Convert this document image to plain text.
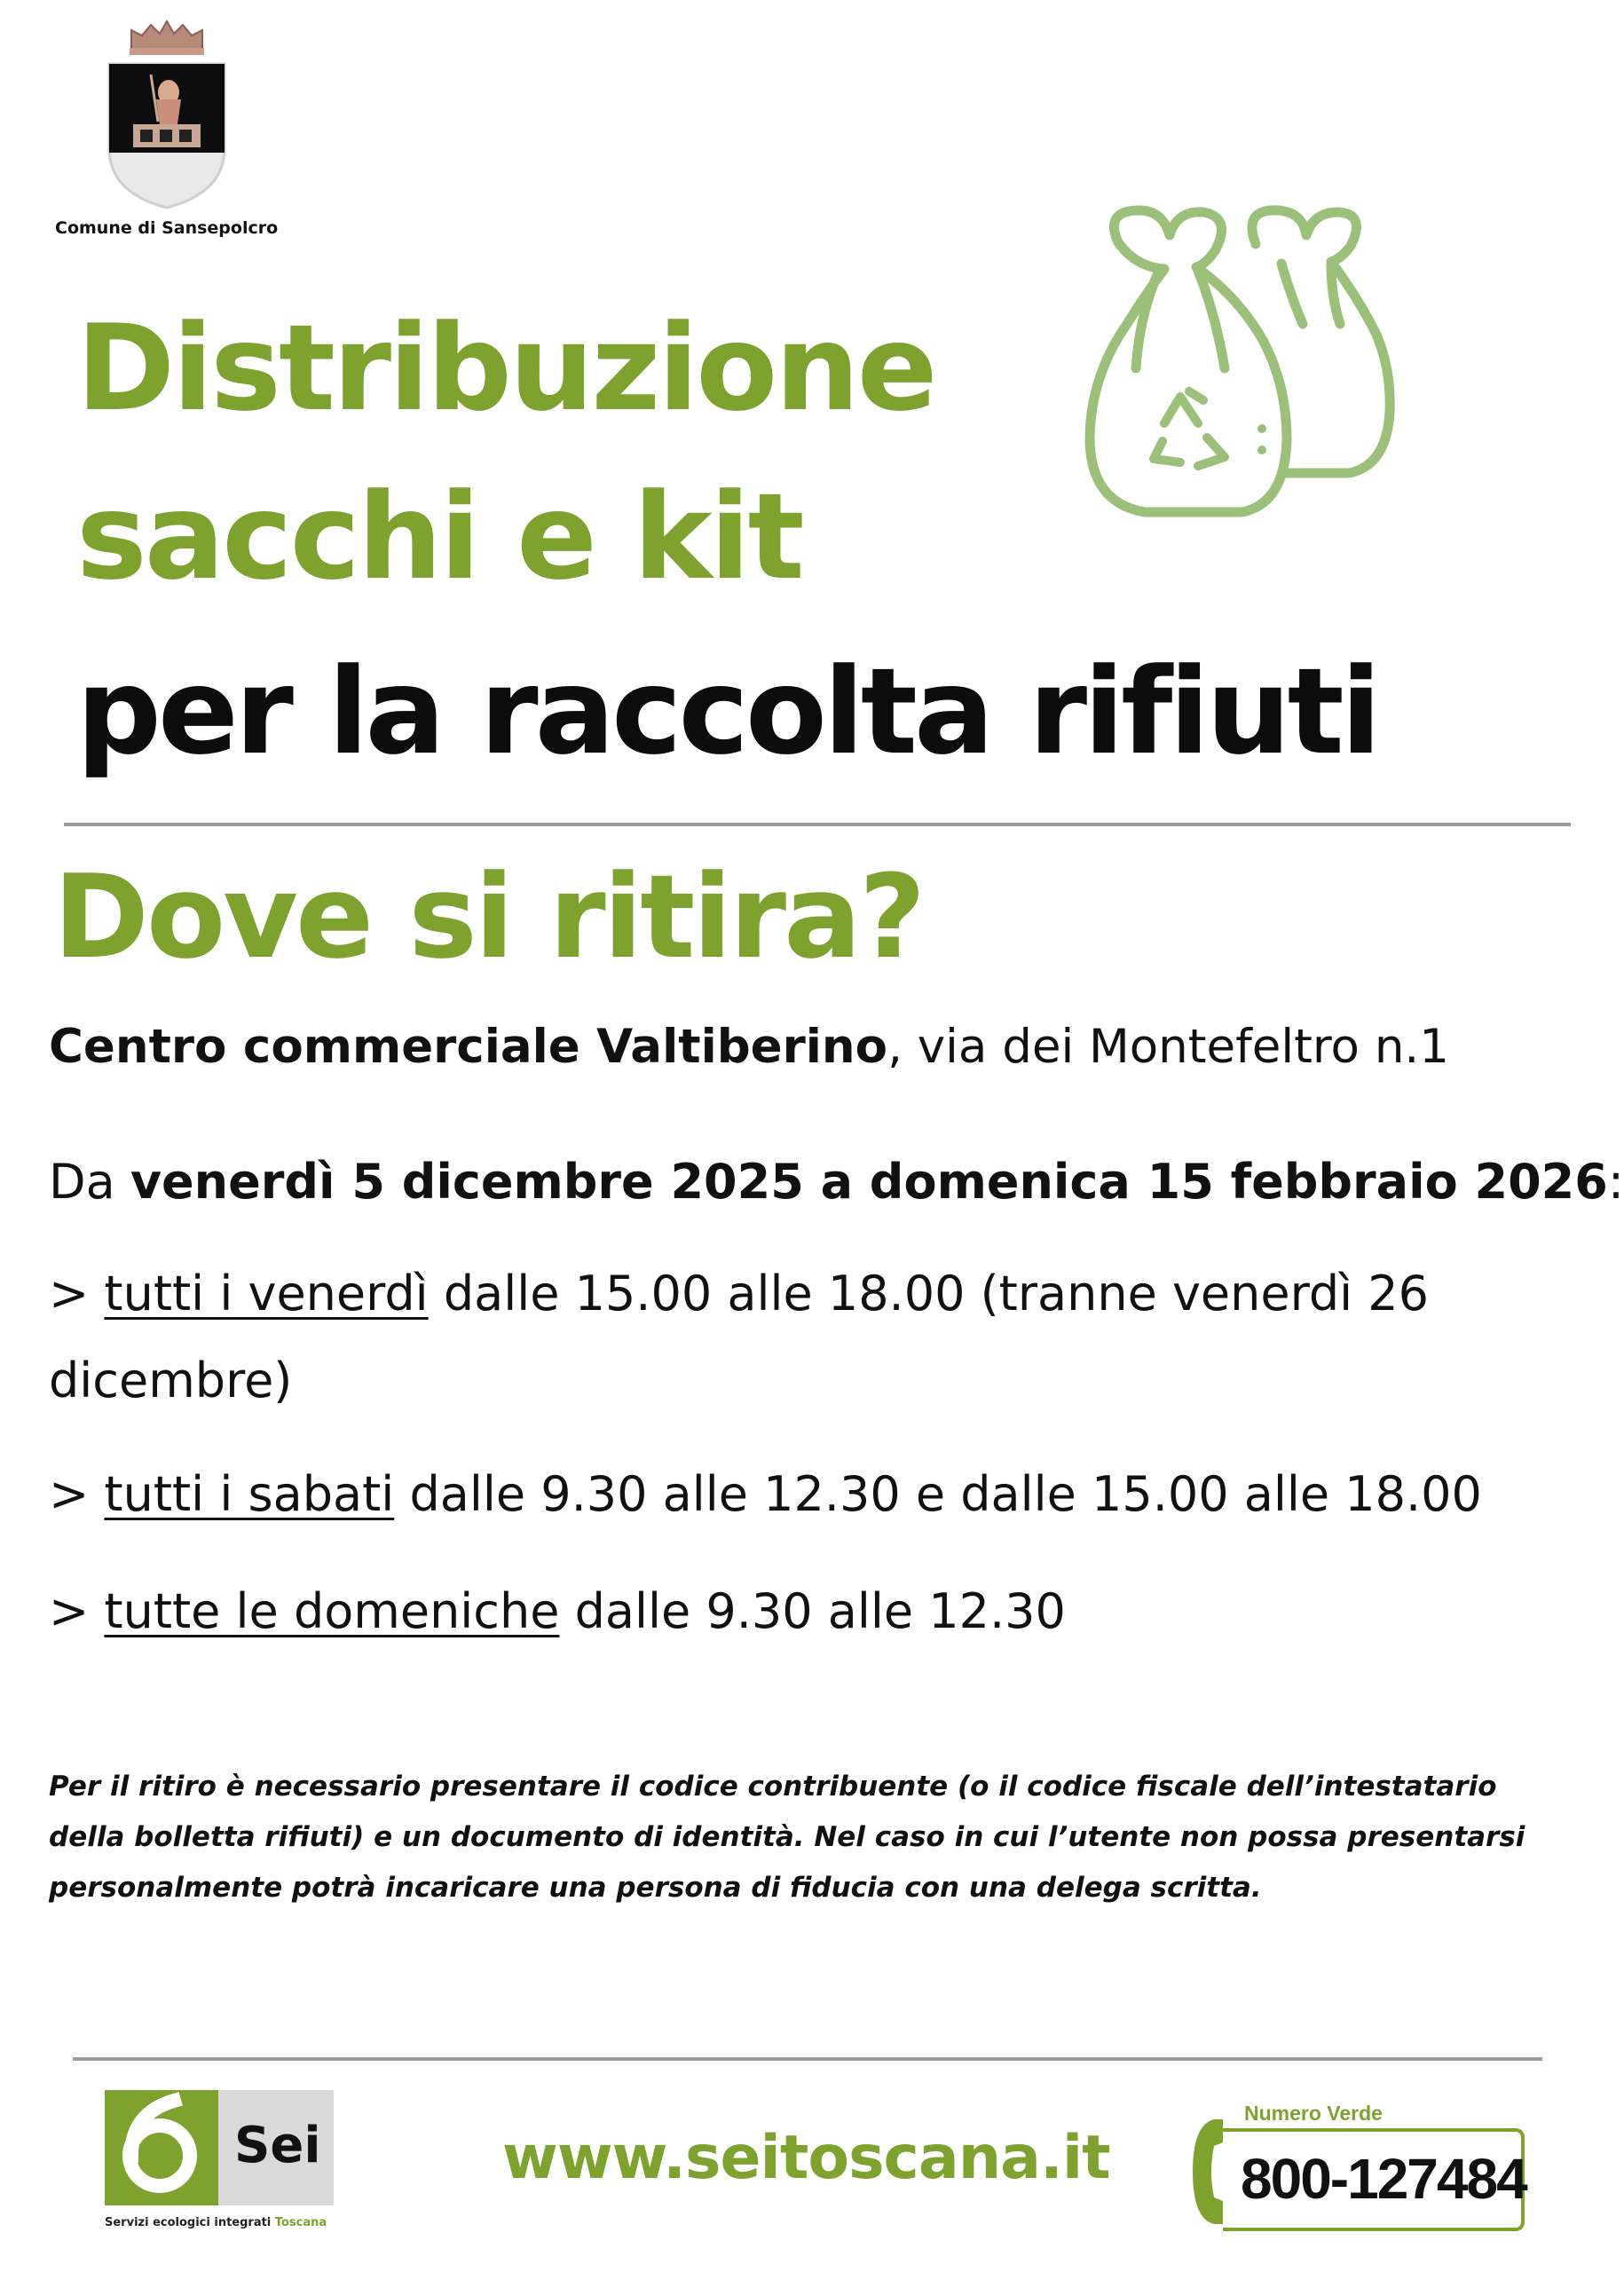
Comune di Sansepolcro
Distribuzione
sacchi e kit
per la raccolta rifiuti
Dove si ritira?
Centro commerciale Valtiberino, via dei Montefeltro n.1
Da venerdì 5 dicembre 2025 a domenica 15 febbraio 2026:
> tutti i venerdì dalle 15.00 alle 18.00 (tranne venerdì 26
dicembre)
> tutti i sabati dalle 9.30 alle 12.30 e dalle 15.00 alle 18.00
> tutte le domeniche dalle 9.30 alle 12.30
Per il ritiro è necessario presentare il codice contribuente (o il codice fiscale dell’intestatario della bolletta rifiuti) e un documento di identità. Nel caso in cui l’utente non possa presentarsi personalmente potrà incaricare una persona di fiducia con una delega scritta.
Sei
Servizi ecologici integrati Toscana
www.seitoscana.it
Numero Verde
800-127484
